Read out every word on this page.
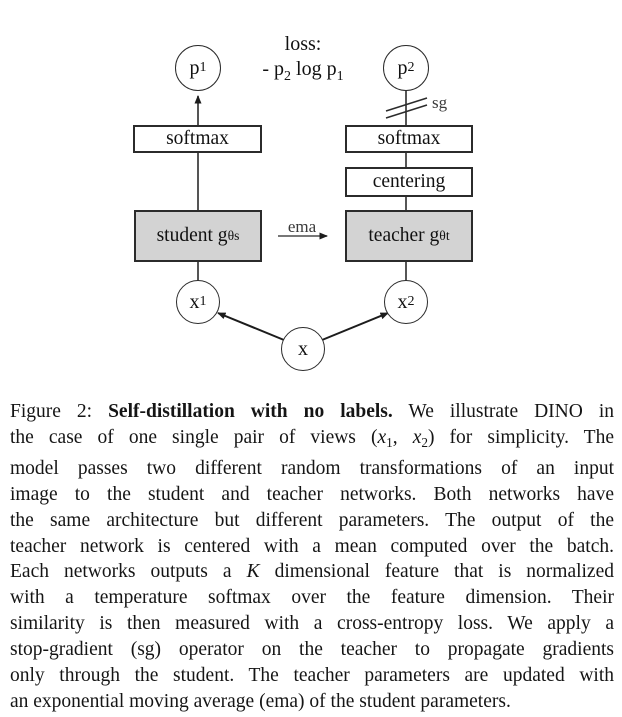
loss:
- $p_2$ $\log p_1$
p 1	p 2
sg
softmax	softmax
centering
student g θs	teacher g θt
ema
x 1	x 2
x
Figure 2: Self-distillation with no labels. We illustrate DINO in
the case of one single pair of views ($x_1$, $x_2$) for simplicity. The
model passes two different random transformations of an input
image to the student and teacher networks. Both networks have
the same architecture but different parameters. The output of the
teacher network is centered with a mean computed over the batch.
Each networks outputs a K dimensional feature that is normalized
with a temperature softmax over the feature dimension. Their
similarity is then measured with a cross-entropy loss. We apply a
stop-gradient (sg) operator on the teacher to propagate gradients
only through the student. The teacher parameters are updated with
an exponential moving average (ema) of the student parameters.
